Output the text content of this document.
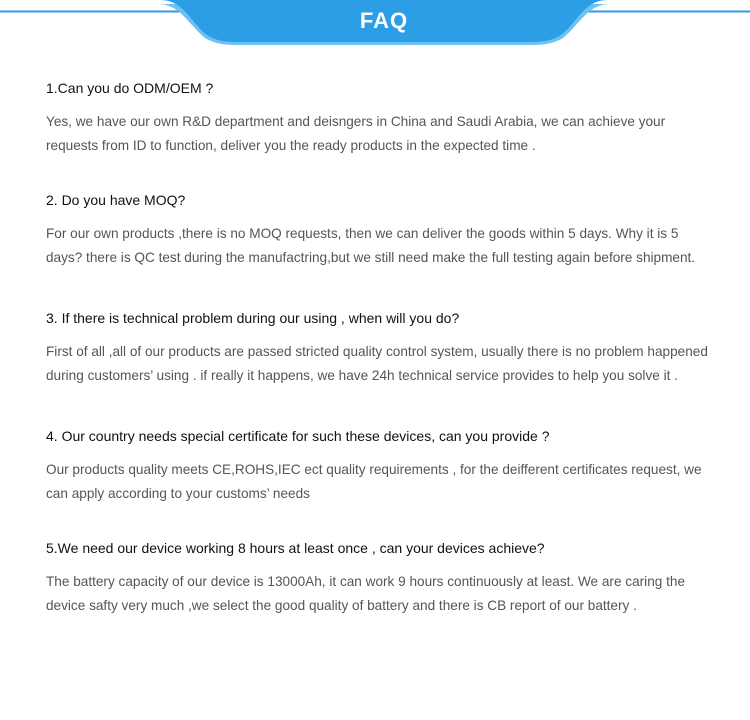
FAQ
1.Can you do ODM/OEM ?
Yes, we have our own R&D department and deisngers in China and Saudi Arabia, we can achieve your requests from ID to function, deliver you the ready products in the expected time .
2. Do you have MOQ?
For our own products ,there is no MOQ requests, then we can deliver the goods within 5 days. Why it is 5 days? there is QC test during the manufactring,but we still need make the full testing again before shipment.
3. If there is technical problem during our using , when will you do?
First of all ,all of our products are passed stricted quality control system, usually there is no problem happened during customers’ using . if really it happens, we have 24h technical service provides to help you solve it .
4. Our country needs special certificate for such these devices, can you provide ?
Our products quality meets CE,ROHS,IEC ect quality requirements , for the deifferent certificates request, we can apply according to your customs’ needs
5.We need our device working 8 hours at least once , can your devices achieve?
The battery capacity of our device is 13000Ah, it can work 9 hours continuously at least. We are caring the device safty very much ,we select the good quality of battery and there is CB report of our battery .
